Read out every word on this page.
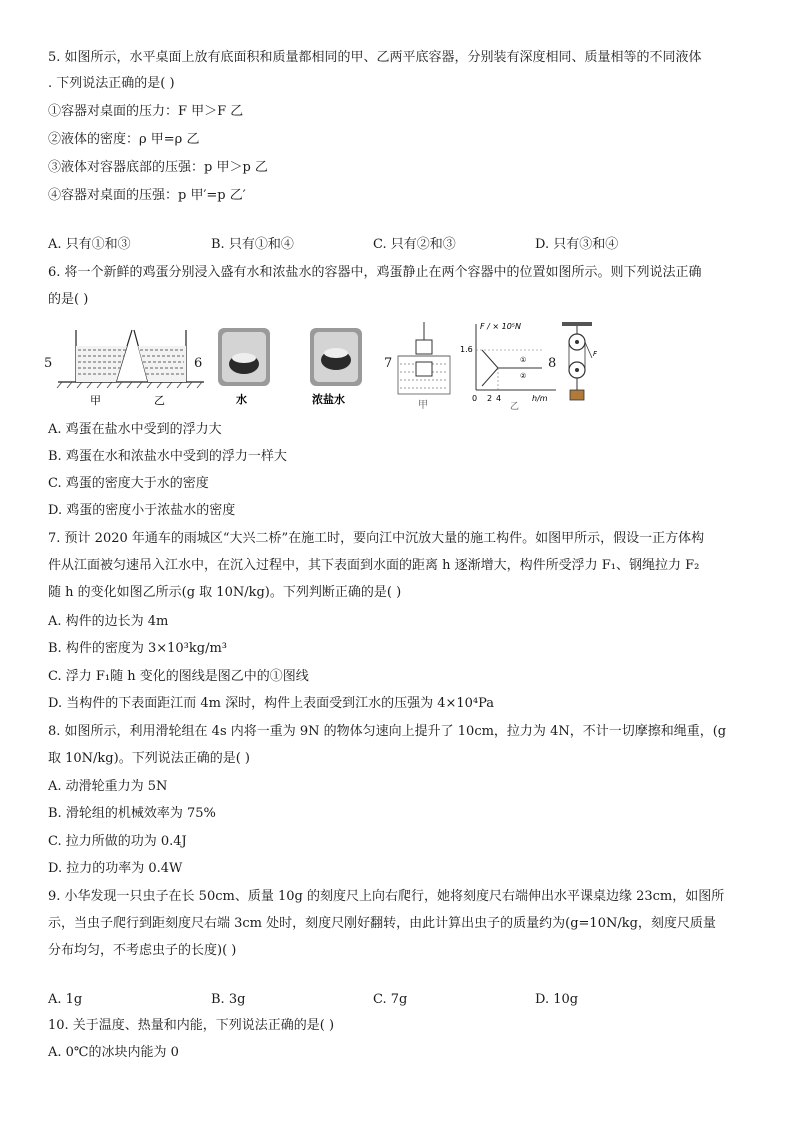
5. 如图所示，水平桌面上放有底面积和质量都相同的甲、乙两平底容器，分别装有深度相同、质量相等的不同液体
. 下列说法正确的是( )
①容器对桌面的压力：F 甲＞F 乙
②液体的密度：ρ 甲=ρ 乙
③液体对容器底部的压强：p 甲＞p 乙
④容器对桌面的压强：p 甲′=p 乙′
A. 只有①和③	B. 只有①和④	C. 只有②和③	D. 只有③和④
6. 将一个新鲜的鸡蛋分别浸入盛有水和浓盐水的容器中，鸡蛋静止在两个容器中的位置如图所示。则下列说法正确
的是( )
5
甲	乙
6
水	浓盐水
7
甲
F / × 10⁵N
1.6
①
②
0 2 4	h/m
乙
8
F
A. 鸡蛋在盐水中受到的浮力大
B. 鸡蛋在水和浓盐水中受到的浮力一样大
C. 鸡蛋的密度大于水的密度
D. 鸡蛋的密度小于浓盐水的密度
7. 预计 2020 年通车的雨城区“大兴二桥”在施工时，要向江中沉放大量的施工构件。如图甲所示，假设一正方体构
件从江面被匀速吊入江水中，在沉入过程中，其下表面到水面的距离 h 逐渐增大，构件所受浮力 F₁、钢绳拉力 F₂
随 h 的变化如图乙所示(g 取 10N/kg)。下列判断正确的是( )
A. 构件的边长为 4m
B. 构件的密度为 3×10³kg/m³
C. 浮力 F₁随 h 变化的图线是图乙中的①图线
D. 当构件的下表面距江而 4m 深时，构件上表面受到江水的压强为 4×10⁴Pa
8. 如图所示，利用滑轮组在 4s 内将一重为 9N 的物体匀速向上提升了 10cm，拉力为 4N，不计一切摩擦和绳重，(g
取 10N/kg)。下列说法正确的是( )
A. 动滑轮重力为 5N
B. 滑轮组的机械效率为 75%
C. 拉力所做的功为 0.4J
D. 拉力的功率为 0.4W
9. 小华发现一只虫子在长 50cm、质量 10g 的刻度尺上向右爬行，她将刻度尺右端伸出水平课桌边缘 23cm，如图所
示，当虫子爬行到距刻度尺右端 3cm 处时，刻度尺刚好翻转，由此计算出虫子的质量约为(g=10N/kg，刻度尺质量
分布均匀，不考虑虫子的长度)( )
A. 1g	B. 3g	C. 7g	D. 10g
10. 关于温度、热量和内能，下列说法正确的是( )
A. 0℃的冰块内能为 0
